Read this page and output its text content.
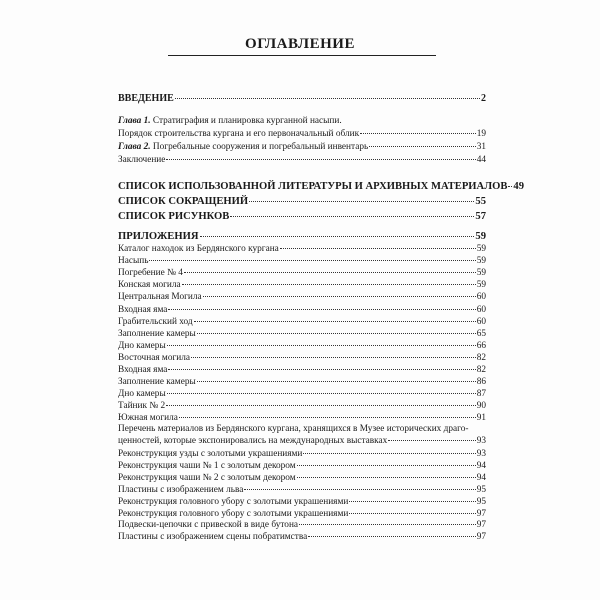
ОГЛАВЛЕНИЕ
ВВЕДЕНИЕ	2
Глава 1. Стратиграфия и планировка курганной насыпи.
Порядок строительства кургана и его первоначальный облик	19
Глава 2. Погребальные сооружения и погребальный инвентарь	31
Заключение	44
СПИСОК ИСПОЛЬЗОВАННОЙ ЛИТЕРАТУРЫ И АРХИВНЫХ МАТЕРИАЛОВ 49
СПИСОК СОКРАЩЕНИЙ	55
СПИСОК РИСУНКОВ	57
ПРИЛОЖЕНИЯ	59
Каталог находок из Бердянского кургана	59
Насыпь	59
Погребение № 4	59
Конская могила	59
Центральная Могила	60
Входная яма	60
Грабительский ход	60
Заполнение камеры	65
Дно камеры	66
Восточная могила	82
Входная яма	82
Заполнение камеры	86
Дно камеры	87
Тайник № 2	90
Южная могила	91
Перечень материалов из Бердянского кургана, хранящихся в Музее исторических драго-
ценностей, которые экспонировались на международных выставках	93
Реконструкция узды с золотыми украшениями	93
Реконструкция чаши № 1 с золотым декором	94
Реконструкция чаши № 2 с золотым декором	94
Пластины с изображением льва	95
Реконструкция головного убору с золотыми украшениями	95
Реконструкция головного убору с золотыми украшениями	97
Подвески-цепочки с привеской в виде бутона	97
Пластины с изображением сцены побратимства	97
